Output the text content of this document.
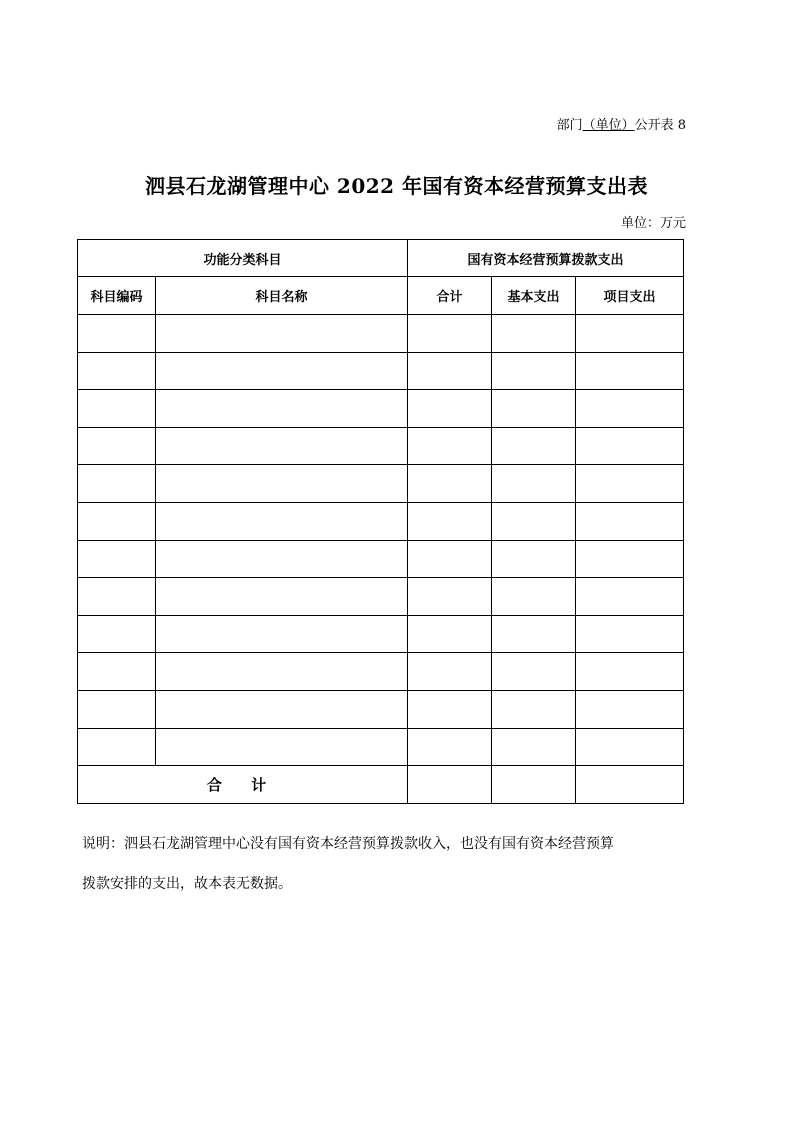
部门（单位）公开表 8
泗县石龙湖管理中心 2022 年国有资本经营预算支出表
单位：万元
功能分类科目		国有资本经营预算拨款支出		
科目编码	科目名称	合计	基本支出	项目支出

合 计				
说明：泗县石龙湖管理中心没有国有资本经营预算拨款收入，也没有国有资本经营预算
拨款安排的支出，故本表无数据。
